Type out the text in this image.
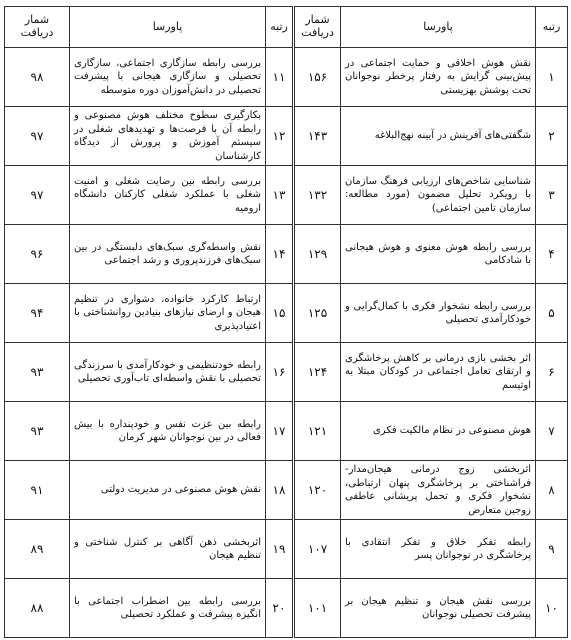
رتبه	پاورسا	شمار دریافت	رتبه	پاورسا	شمار دریافت
۱	نقش هوش اخلاقی و حمایت اجتماعی در پیش‌بینی گرایش به رفتار پرخطر نوجوانان تحت پوشش بهزیستی	۱۵۶	۱۱	بررسی رابطه سازگاری اجتماعی، سازگاری تحصیلی و سازگاری هیجانی با پیشرفت تحصیلی در دانش‌آموزان دوره متوسطه	۹۸
۲	شگفتی‌های آفرینش در آیینه نهج‌البلاغه	۱۴۳	۱۲	بکارگیری سطوح مختلف هوش مصنوعی و رابطه آن با فرصت‌ها و تهدیدهای شغلی در سیستم آموزش و پرورش از دیدگاه کارشناسان	۹۷
۳	شناسایی شاخص‌های ارزیابی فرهنگ سازمان با رویکرد تحلیل مضمون (مورد مطالعه: سازمان تامین اجتماعی)	۱۳۲	۱۳	بررسی رابطه بین رضایت شغلی و امنیت شغلی با عملکرد شغلی کارکنان دانشگاه ارومیه	۹۷
۴	بررسی رابطه هوش معنوی و هوش هیجانی با شادکامی	۱۲۹	۱۴	نقش واسطه‌گری سبک‌های دلبستگی در بین سبک‌های فرزندپروری و رشد اجتماعی	۹۶
۵	بررسی رابطه نشخوار فکری با کمال‌گرایی و خودکارآمدی تحصیلی	۱۲۵	۱۵	ارتباط کارکرد خانواده، دشواری در تنظیم هیجان و ارضای نیازهای بنیادین روانشناختی با اعتیادپذیری	۹۴
۶	اثر بخشی بازی درمانی بر کاهش پرخاشگری و ارتقای تعامل اجتماعی در کودکان مبتلا به اوتیسم	۱۲۴	۱۶	رابطه خودتنظیمی و خودکارآمدی با سرزندگی تحصیلی با نقش واسطه‌ای تاب‌آوری تحصیلی	۹۳
۷	هوش مصنوعی در نظام مالکیت فکری	۱۲۱	۱۷	رابطه بین عزت نفس و خودپنداره با بیش فعالی در بین نوجوانان شهر کرمان	۹۳
۸	اثربخشی زوج درمانی هیجان‌مدار- فراشناختی بر پرخاشگری پنهان ارتباطی، نشخوار فکری و تحمل پریشانی عاطفی زوجین متعارض	۱۲۰	۱۸	نقش هوش مصنوعی در مدیریت دولتی	۹۱
۹	رابطه تفکر خلاق و تفکر انتقادی با پرخاشگری در نوجوانان پسر	۱۰۷	۱۹	اثربخشی ذهن آگاهی بر کنترل شناختی و تنظیم هیجان	۸۹
۱۰	بررسی نقش هیجان و تنظیم هیجان بر پیشرفت تحصیلی نوجوانان	۱۰۱	۲۰	بررسی رابطه بین اضطراب اجتماعی با انگیزه پیشرفت و عملکرد تحصیلی	۸۸
